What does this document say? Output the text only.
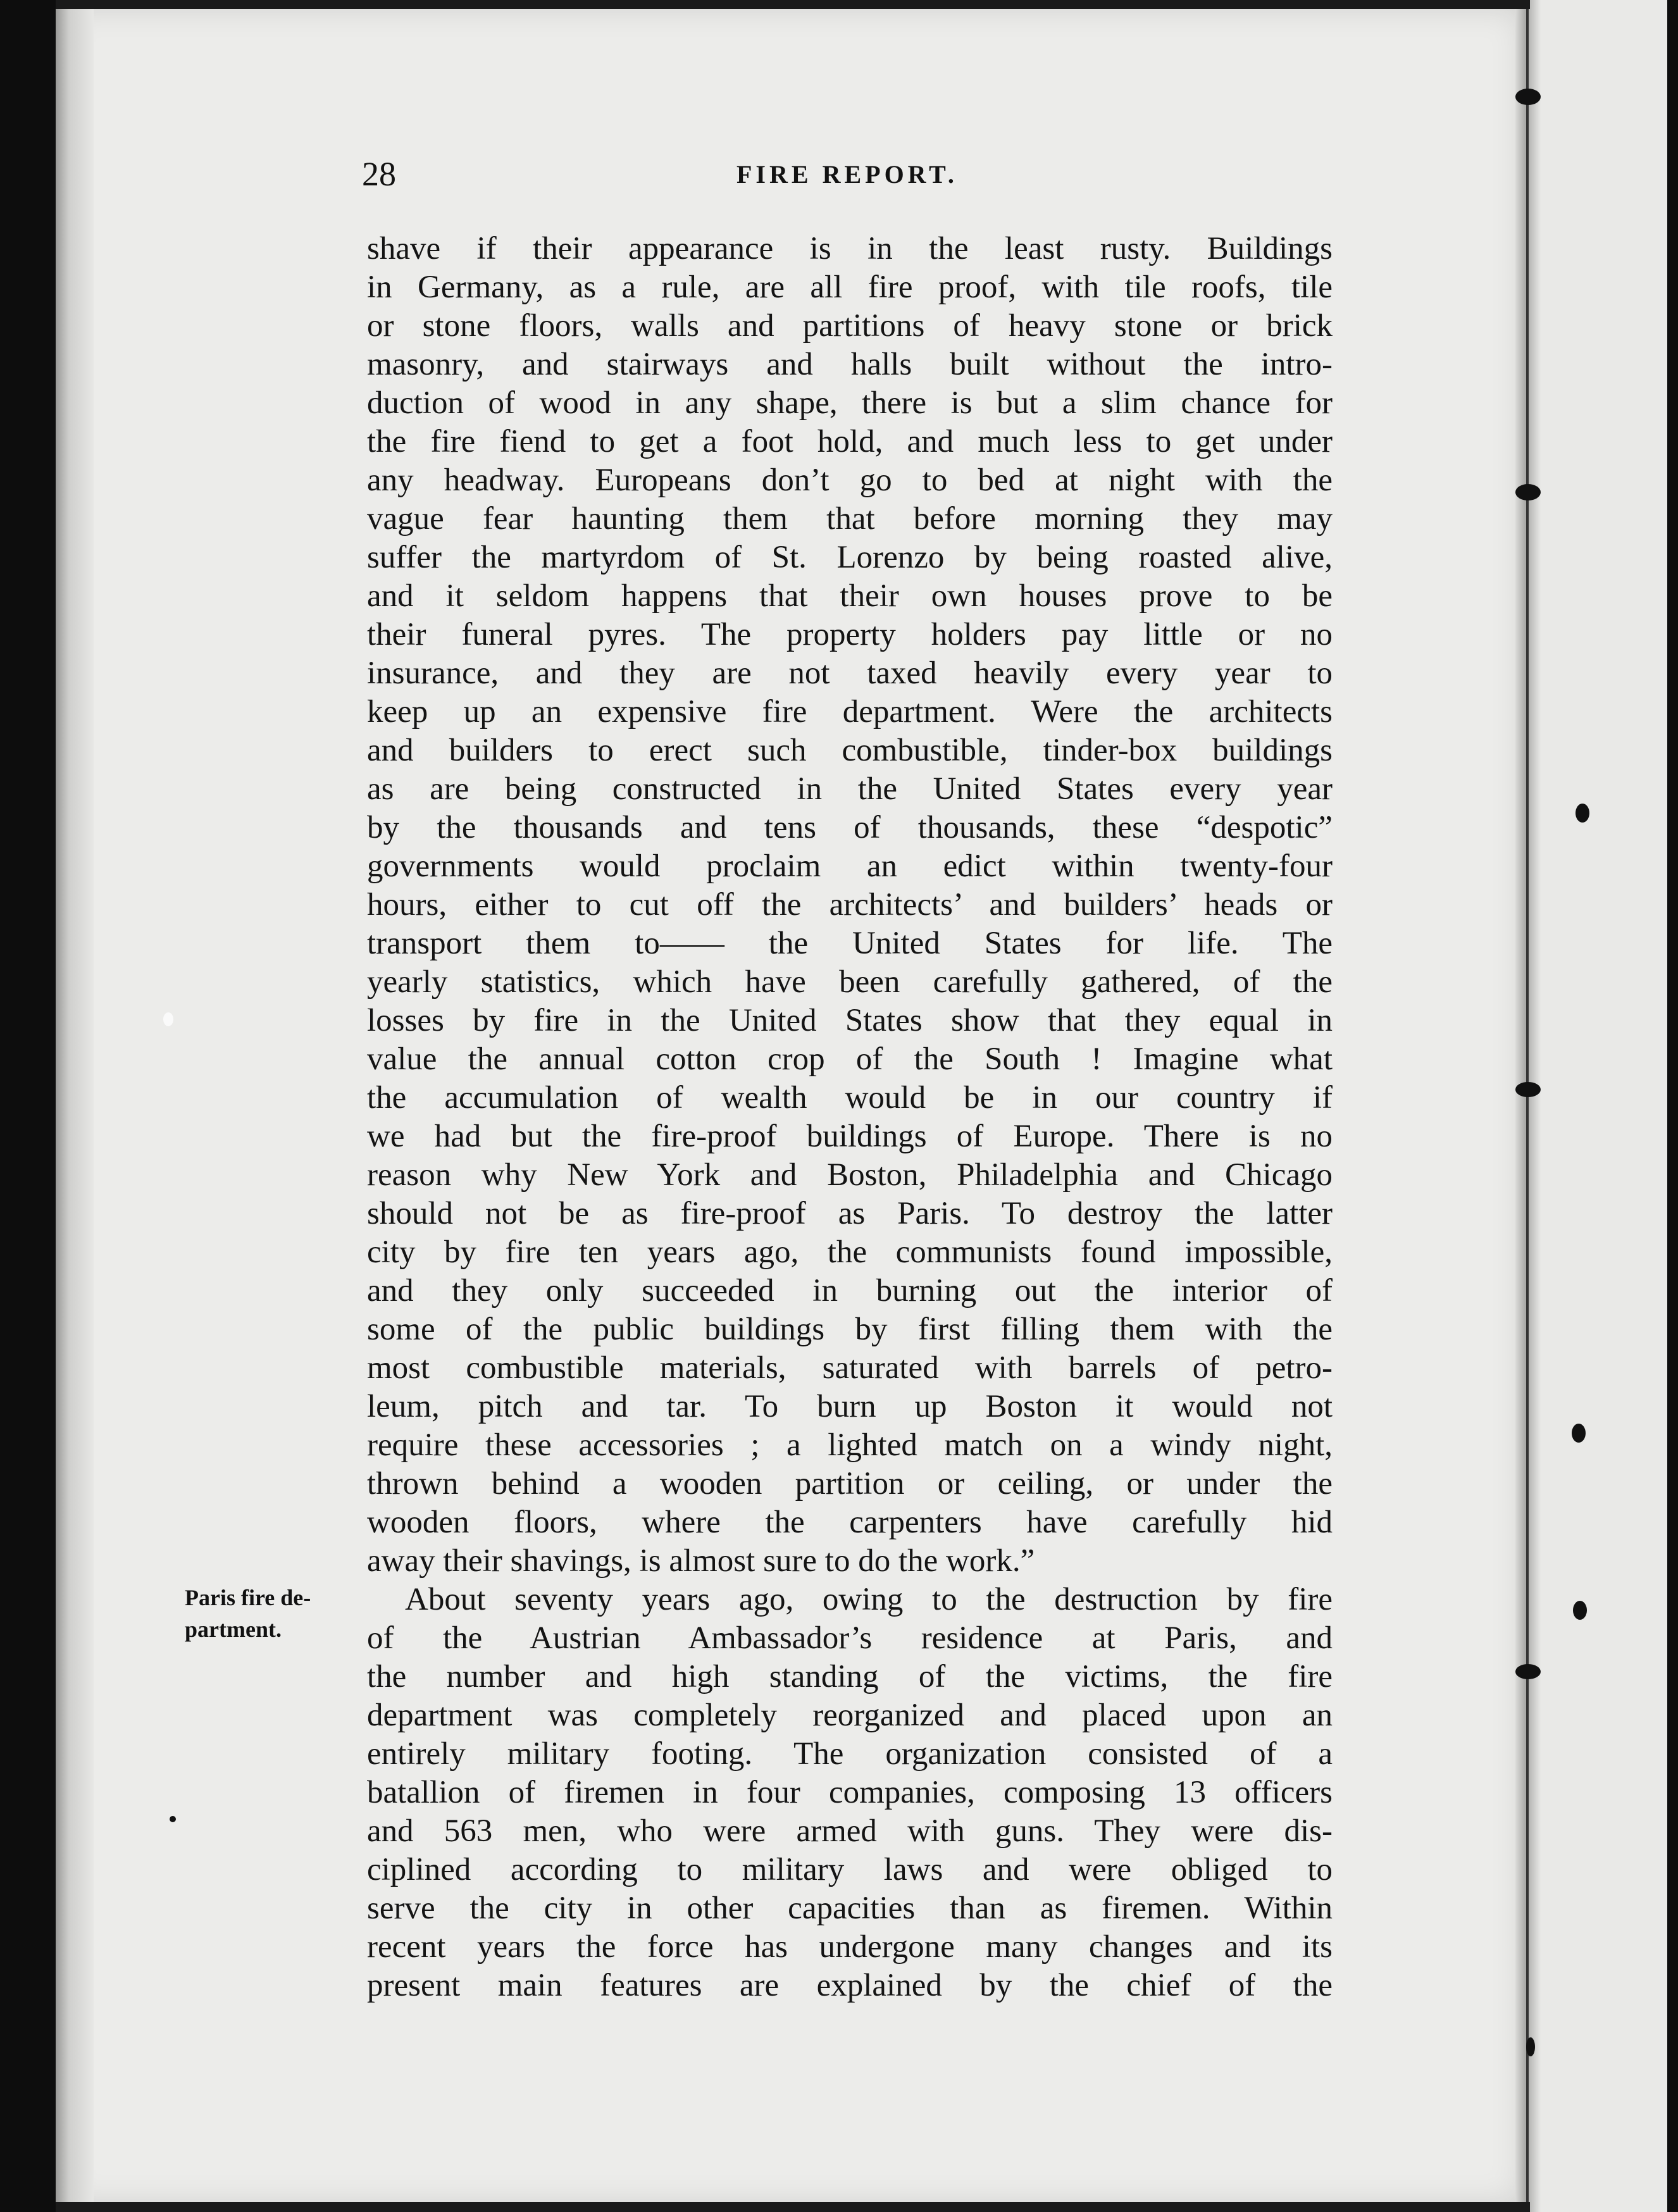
28	FIRE REPORT.
Paris fire de-
partment.
shave if their appearance is in the least rusty. Buildings
in Germany, as a rule, are all fire proof, with tile roofs, tile
or stone floors, walls and partitions of heavy stone or brick
masonry, and stairways and halls built without the intro-
duction of wood in any shape, there is but a slim chance for
the fire fiend to get a foot hold, and much less to get under
any headway. Europeans don’t go to bed at night with the
vague fear haunting them that before morning they may
suffer the martyrdom of St. Lorenzo by being roasted alive,
and it seldom happens that their own houses prove to be
their funeral pyres. The property holders pay little or no
insurance, and they are not taxed heavily every year to
keep up an expensive fire department. Were the architects
and builders to erect such combustible, tinder-box buildings
as are being constructed in the United States every year
by the thousands and tens of thousands, these “despotic”
governments would proclaim an edict within twenty-four
hours, either to cut off the architects’ and builders’ heads or
transport them to—— the United States for life. The
yearly statistics, which have been carefully gathered, of the
losses by fire in the United States show that they equal in
value the annual cotton crop of the South ! Imagine what
the accumulation of wealth would be in our country if
we had but the fire-proof buildings of Europe. There is no
reason why New York and Boston, Philadelphia and Chicago
should not be as fire-proof as Paris. To destroy the latter
city by fire ten years ago, the communists found impossible,
and they only succeeded in burning out the interior of
some of the public buildings by first filling them with the
most combustible materials, saturated with barrels of petro-
leum, pitch and tar. To burn up Boston it would not
require these accessories ; a lighted match on a windy night,
thrown behind a wooden partition or ceiling, or under the
wooden floors, where the carpenters have carefully hid
away their shavings, is almost sure to do the work.”
About seventy years ago, owing to the destruction by fire
of the Austrian Ambassador’s residence at Paris, and
the number and high standing of the victims, the fire
department was completely reorganized and placed upon an
entirely military footing. The organization consisted of a
batallion of firemen in four companies, composing 13 officers
and 563 men, who were armed with guns. They were dis-
ciplined according to military laws and were obliged to
serve the city in other capacities than as firemen. Within
recent years the force has undergone many changes and its
present main features are explained by the chief of the
